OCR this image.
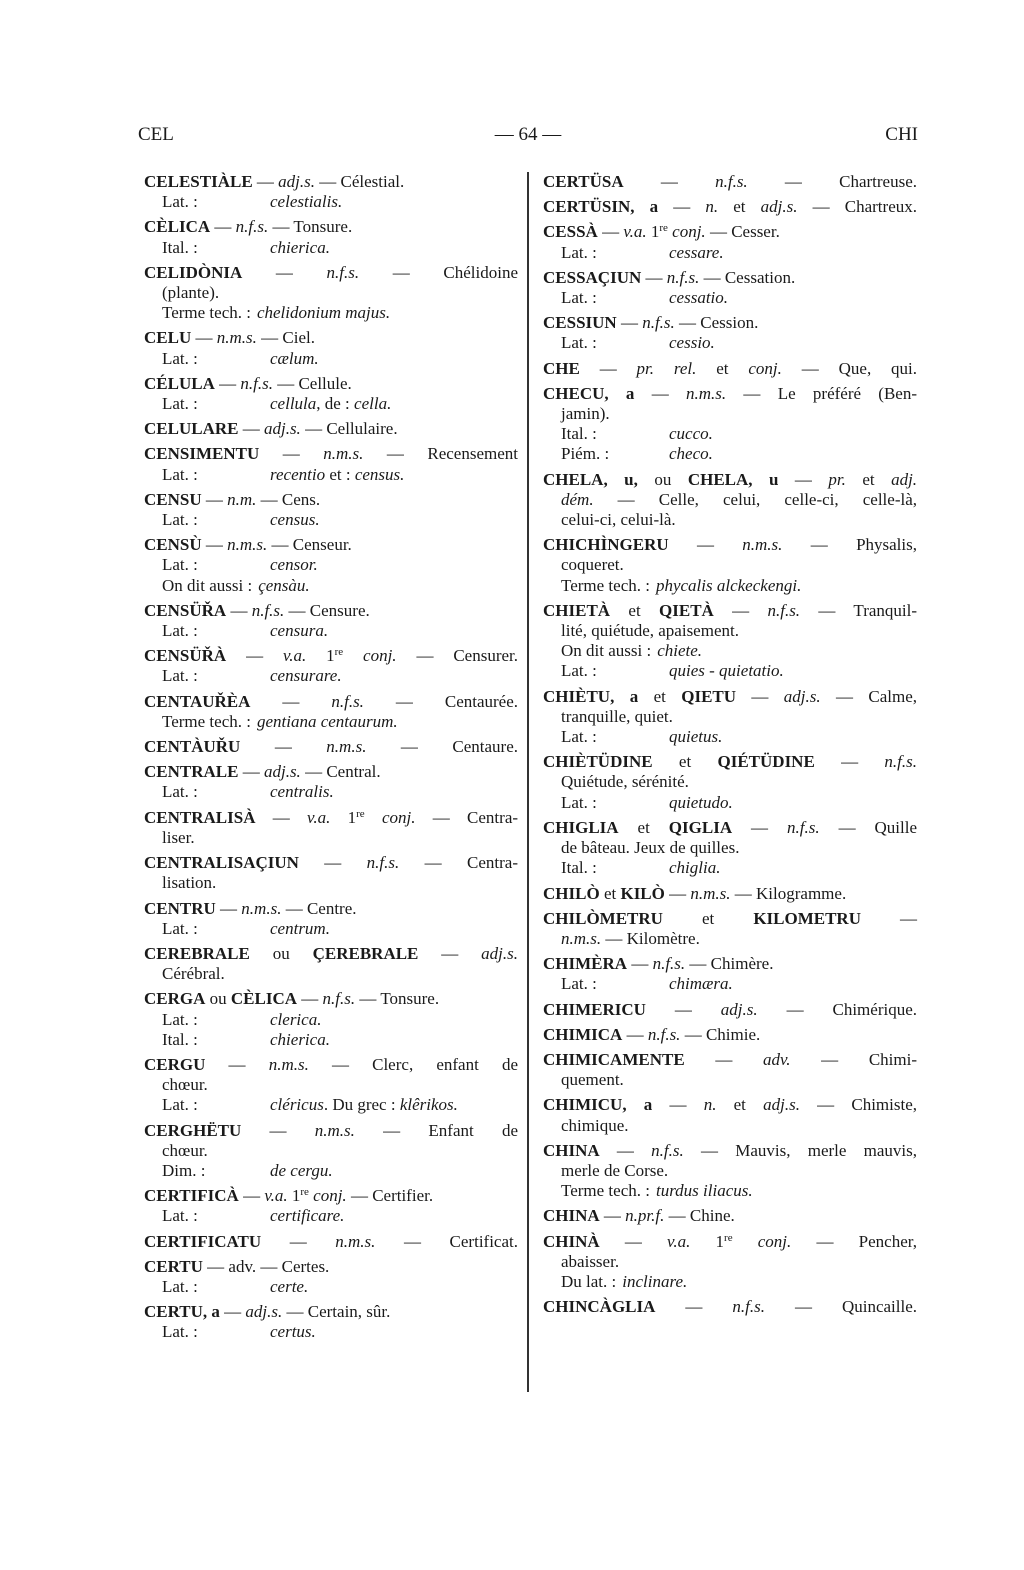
CEL	— 64 —	CHI
CELESTIÀLE — adj.s. — Célestial.
Lat. :	celestialis.
CÈLICA — n.f.s. — Tonsure.
Ital. :	chierica.
CELIDÒNIA — n.f.s. — Chélidoine
(plante).
Terme tech. : chelidonium majus.
CELU — n.m.s. — Ciel.
Lat. :	cælum.
CÉLULA — n.f.s. — Cellule.
Lat. :	cellula, de : cella.
CELULARE — adj.s. — Cellulaire.
CENSIMENTU — n.m.s. — Recensement
Lat. :	recentio et : census.
CENSU — n.m. — Cens.
Lat. :	census.
CENSÙ — n.m.s. — Censeur.
Lat. :	censor.
On dit aussi : çensàu.
CENSÜŘA — n.f.s. — Censure.
Lat. :	censura.
CENSÜŘÀ — v.a. 1re conj. — Censurer.
Lat. :	censurare.
CENTAUŘÈA — n.f.s. — Centaurée.
Terme tech. : gentiana centaurum.
CENTÀUŘU — n.m.s. — Centaure.
CENTRALE — adj.s. — Central.
Lat. :	centralis.
CENTRALISÀ — v.a. 1re conj. — Centra-
liser.
CENTRALISAÇIUN — n.f.s. — Centra-
lisation.
CENTRU — n.m.s. — Centre.
Lat. :	centrum.
CEREBRALE ou ÇEREBRALE — adj.s.
Cérébral.
CERGA ou CÈLICA — n.f.s. — Tonsure.
Lat. :	clerica.
Ital. :	chierica.
CERGU — n.m.s. — Clerc, enfant de
chœur.
Lat. :	cléricus. Du grec : klêrikos.
CERGHËTU — n.m.s. — Enfant de
chœur.
Dim. :	de cergu.
CERTIFICÀ — v.a. 1re conj. — Certifier.
Lat. :	certificare.
CERTIFICATU — n.m.s. — Certificat.
CERTU — adv. — Certes.
Lat. :	certe.
CERTU, a — adj.s. — Certain, sûr.
Lat. :	certus.
CERTÜSA — n.f.s. — Chartreuse.
CERTÜSIN, a — n. et adj.s. — Chartreux.
CESSÀ — v.a. 1re conj. — Cesser.
Lat. :	cessare.
CESSAÇIUN — n.f.s. — Cessation.
Lat. :	cessatio.
CESSIUN — n.f.s. — Cession.
Lat. :	cessio.
CHE — pr. rel. et conj. — Que, qui.
CHECU, a — n.m.s. — Le préféré (Ben-
jamin).
Ital. :	cucco.
Piém. :	checo.
CHELA, u, ou CHELA, u — pr. et adj.
dém. — Celle, celui, celle-ci, celle-là,
celui-ci, celui-là.
CHICHÌNGERU — n.m.s. — Physalis,
coqueret.
Terme tech. : phycalis alckeckengi.
CHIETÀ et QIETÀ — n.f.s. — Tranquil-
lité, quiétude, apaisement.
On dit aussi : chiete.
Lat. :	quies - quietatio.
CHIÈTU, a et QIETU — adj.s. — Calme,
tranquille, quiet.
Lat. :	quietus.
CHIÈTÜDINE et QIÉTÜDINE — n.f.s.
Quiétude, sérénité.
Lat. :	quietudo.
CHIGLIA et QIGLIA — n.f.s. — Quille
de bâteau. Jeux de quilles.
Ital. :	chiglia.
CHILÒ et KILÒ — n.m.s. — Kilogramme.
CHILÒMETRU et KILOMETRU —
n.m.s. — Kilomètre.
CHIMÈRA — n.f.s. — Chimère.
Lat. :	chimæra.
CHIMERICU — adj.s. — Chimérique.
CHIMICA — n.f.s. — Chimie.
CHIMICAMENTE — adv. — Chimi-
quement.
CHIMICU, a — n. et adj.s. — Chimiste,
chimique.
CHINA — n.f.s. — Mauvis, merle mauvis,
merle de Corse.
Terme tech. : turdus iliacus.
CHINA — n.pr.f. — Chine.
CHINÀ — v.a. 1re conj. — Pencher,
abaisser.
Du lat. : inclinare.
CHINCÀGLIA — n.f.s. — Quincaille.
